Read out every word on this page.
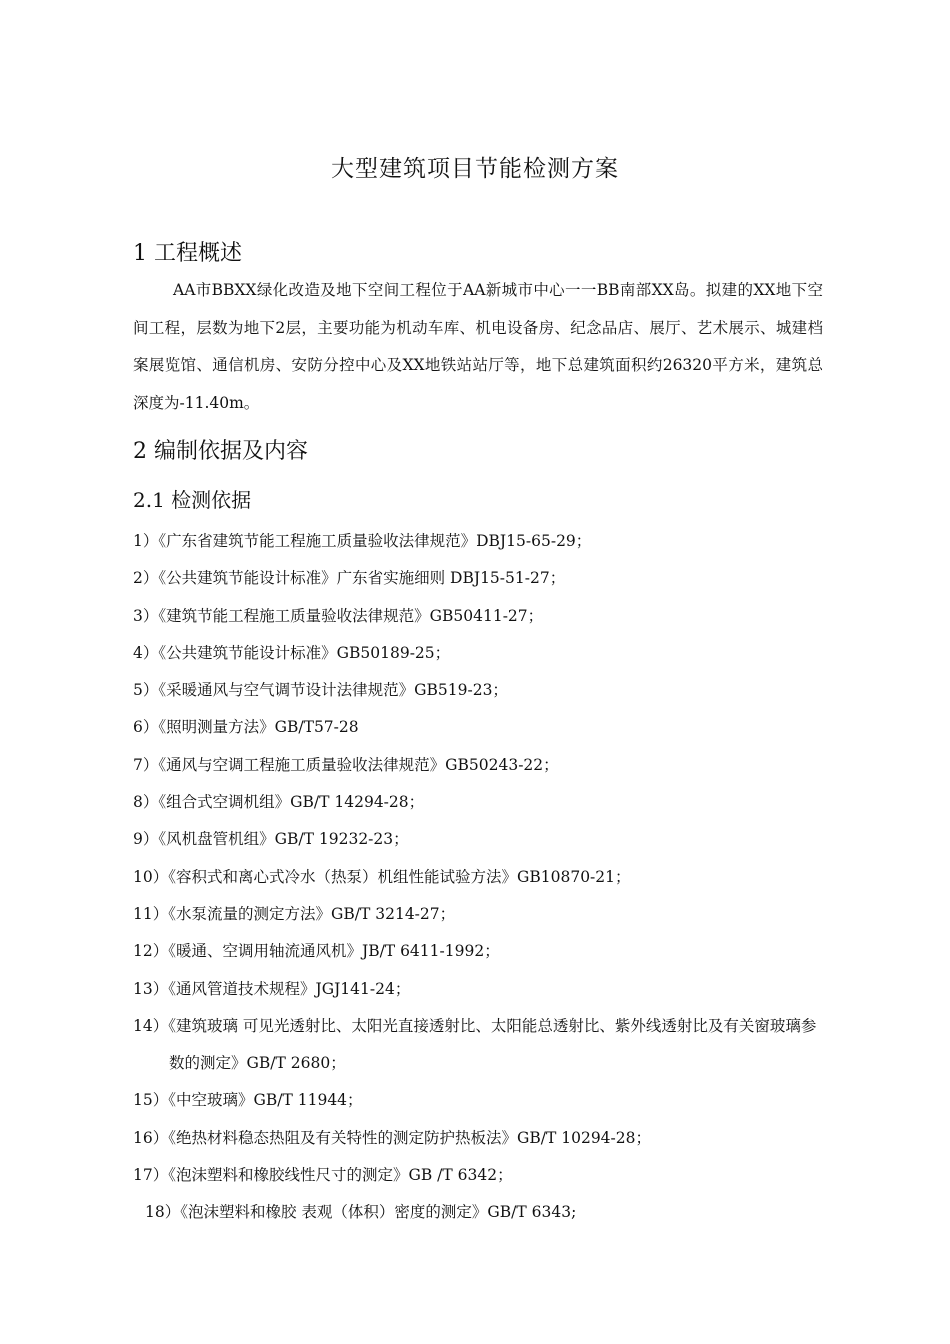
大型建筑项目节能检测方案
1 工程概述

AA市BBXX绿化改造及地下空间工程位于AA新城市中心一一BB南部XX岛。拟建的XX地下空间工程，层数为地下2层，主要功能为机动车库、机电设备房、纪念品店、展厅、艺术展示、城建档案展览馆、通信机房、安防分控中心及XX地铁站站厅等，地下总建筑面积约26320平方米，建筑总深度为-11.40m。

2 编制依据及内容
2.1 检测依据
1）《广东省建筑节能工程施工质量验收法律规范》DBJ15-65-29；
2）《公共建筑节能设计标准》广东省实施细则 DBJ15-51-27；
3）《建筑节能工程施工质量验收法律规范》GB50411-27；
4）《公共建筑节能设计标准》GB50189-25；
5）《采暖通风与空气调节设计法律规范》GB519-23；
6）《照明测量方法》GB/T57-28
7）《通风与空调工程施工质量验收法律规范》GB50243-22；
8）《组合式空调机组》GB/T 14294-28；
9）《风机盘管机组》GB/T 19232-23；
10）《容积式和离心式冷水（热泵）机组性能试验方法》GB10870-21；
11）《水泵流量的测定方法》GB/T 3214-27；
12）《暖通、空调用轴流通风机》JB/T 6411-1992；
13）《通风管道技术规程》JGJ141-24；
14）《建筑玻璃 可见光透射比、太阳光直接透射比、太阳能总透射比、紫外线透射比及有关窗玻璃参数的测定》GB/T 2680；
15）《中空玻璃》GB/T 11944；
16）《绝热材料稳态热阻及有关特性的测定防护热板法》GB/T 10294-28；
17）《泡沫塑料和橡胶线性尺寸的测定》GB /T 6342；
18）《泡沫塑料和橡胶 表观（体积）密度的测定》GB/T 6343;
